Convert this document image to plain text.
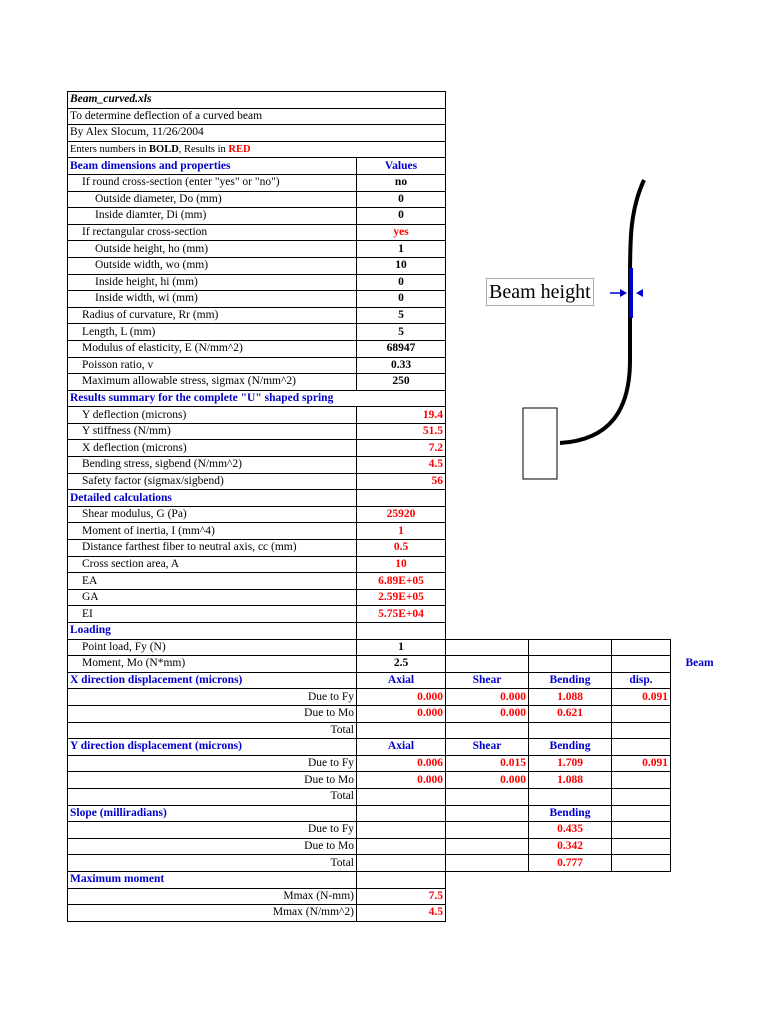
Beam_curved.xls					
To determine deflection of a curved beam					
By Alex Slocum, 11/26/2004					
Enters numbers in BOLD, Results in RED					
Beam dimensions and properties	Values				
If round cross-section (enter "yes" or "no")	no				
Outside diameter, Do (mm)	0				
Inside diamter, Di (mm)	0				
If rectangular cross-section	yes				
Outside height, ho (mm)	1				
Outside width, wo (mm)	10				
Inside height, hi (mm)	0				
Inside width, wi (mm)	0				
Radius of curvature, Rr (mm)	5				
Length, L (mm)	5				
Modulus of elasticity, E (N/mm^2)	68947				
Poisson ratio, v	0.33				
Maximum allowable stress, sigmax (N/mm^2)	250				
Results summary for the complete "U" shaped spring					
Y deflection (microns)	19.4				
Y stiffness (N/mm)	51.5				
X deflection (microns)	7.2				
Bending stress, sigbend (N/mm^2)	4.5				
Safety factor (sigmax/sigbend)	56				
Detailed calculations					
Shear modulus, G (Pa)	25920				
Moment of inertia, I (mm^4)	1				
Distance farthest fiber to neutral axis, cc (mm)	0.5				
Cross section area, A	10				
EA	6.89E+05				
GA	2.59E+05				
EI	5.75E+04				
Loading					
Point load, Fy (N)	1				
Moment, Mo (N*mm)	2.5				Beam
X direction displacement (microns)	Axial	Shear	Bending	disp.	
Due to Fy	0.000	0.000	1.088	0.091	
Due to Mo	0.000	0.000	0.621		
Total					
Y direction displacement (microns)	Axial	Shear	Bending		
Due to Fy	0.006	0.015	1.709	0.091	
Due to Mo	0.000	0.000	1.088		
Total					
Slope (milliradians)			Bending		
Due to Fy			0.435		
Due to Mo			0.342		
Total			0.777		
Maximum moment					
Mmax (N-mm)	7.5				
Mmax (N/mm^2)	4.5				
Beam height
